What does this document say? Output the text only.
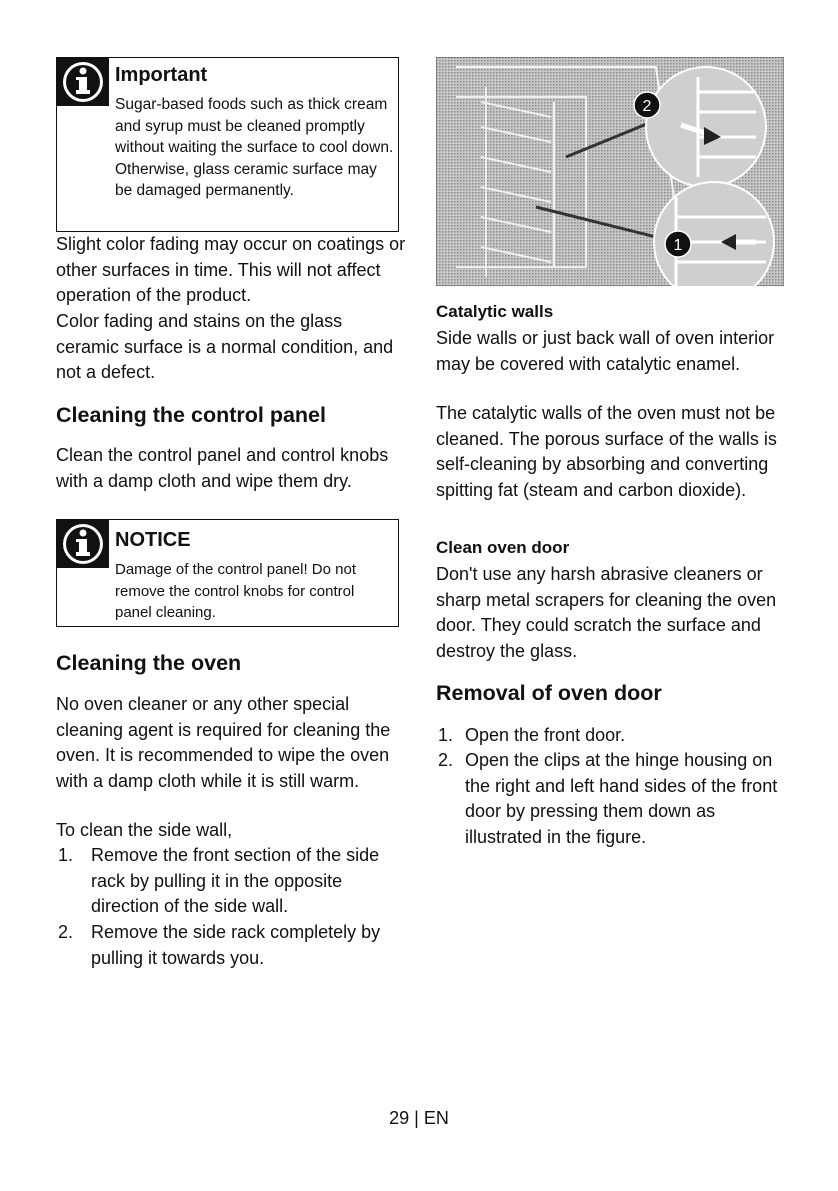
Important
Sugar-based foods such as thick cream and syrup must be cleaned promptly without waiting the surface to cool down. Otherwise, glass ceramic surface may be damaged permanently.
Slight color fading may occur on coatings or other surfaces in time. This will not affect operation of the product.
Color fading and stains on the glass ceramic surface is a normal condition, and not a defect.
Cleaning the control panel
Clean the control panel and control knobs with a damp cloth and wipe them dry.
NOTICE
Damage of the control panel! Do not remove the control knobs for control panel cleaning.
Cleaning the oven
No oven cleaner or any other special cleaning agent is required for cleaning the oven. It is recommended to wipe the oven with a damp cloth while it is still warm.
To clean the side wall,
1. Remove the front section of the side rack by pulling it in the opposite direction of the side wall.
2. Remove the side rack completely by pulling it towards you.
2
1
Catalytic walls
Side walls or just back wall of oven interior may be covered with catalytic enamel.
The catalytic walls of the oven must not be cleaned. The porous surface of the walls is self-cleaning by absorbing and converting spitting fat (steam and carbon dioxide).
Clean oven door
Don't use any harsh abrasive cleaners or sharp metal scrapers for cleaning the oven door. They could scratch the surface and destroy the glass.
Removal of oven door
1. Open the front door.
2. Open the clips at the hinge housing on the right and left hand sides of the front door by pressing them down as illustrated in the figure.
29 | EN
